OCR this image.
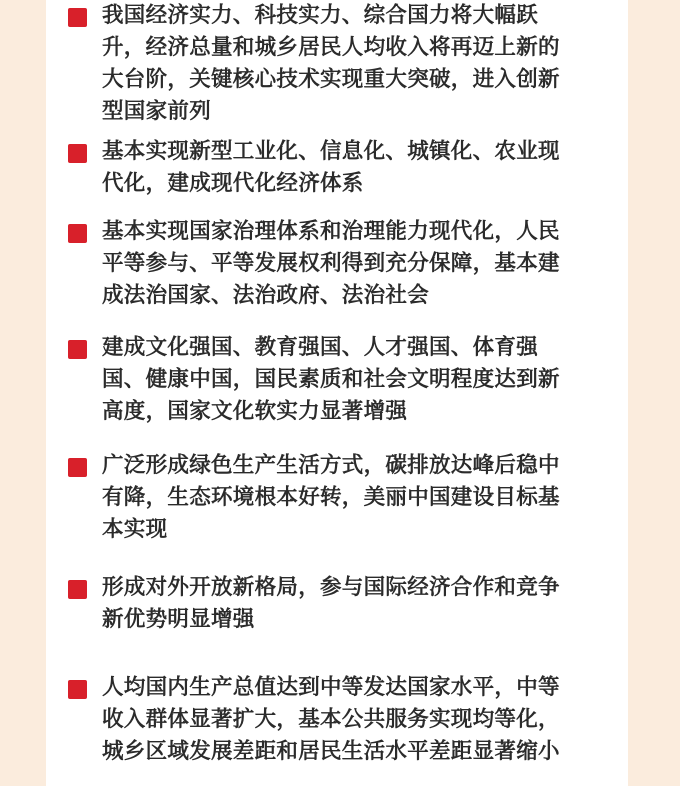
我国经济实力、科技实力、综合国力将大幅跃升，经济总量和城乡居民人均收入将再迈上新的大台阶，关键核心技术实现重大突破，进入创新型国家前列

基本实现新型工业化、信息化、城镇化、农业现代化，建成现代化经济体系

基本实现国家治理体系和治理能力现代化，人民平等参与、平等发展权利得到充分保障，基本建成法治国家、法治政府、法治社会

建成文化强国、教育强国、人才强国、体育强国、健康中国，国民素质和社会文明程度达到新高度，国家文化软实力显著增强

广泛形成绿色生产生活方式，碳排放达峰后稳中有降，生态环境根本好转，美丽中国建设目标基本实现

形成对外开放新格局，参与国际经济合作和竞争新优势明显增强

人均国内生产总值达到中等发达国家水平，中等收入群体显著扩大，基本公共服务实现均等化，城乡区域发展差距和居民生活水平差距显著缩小
